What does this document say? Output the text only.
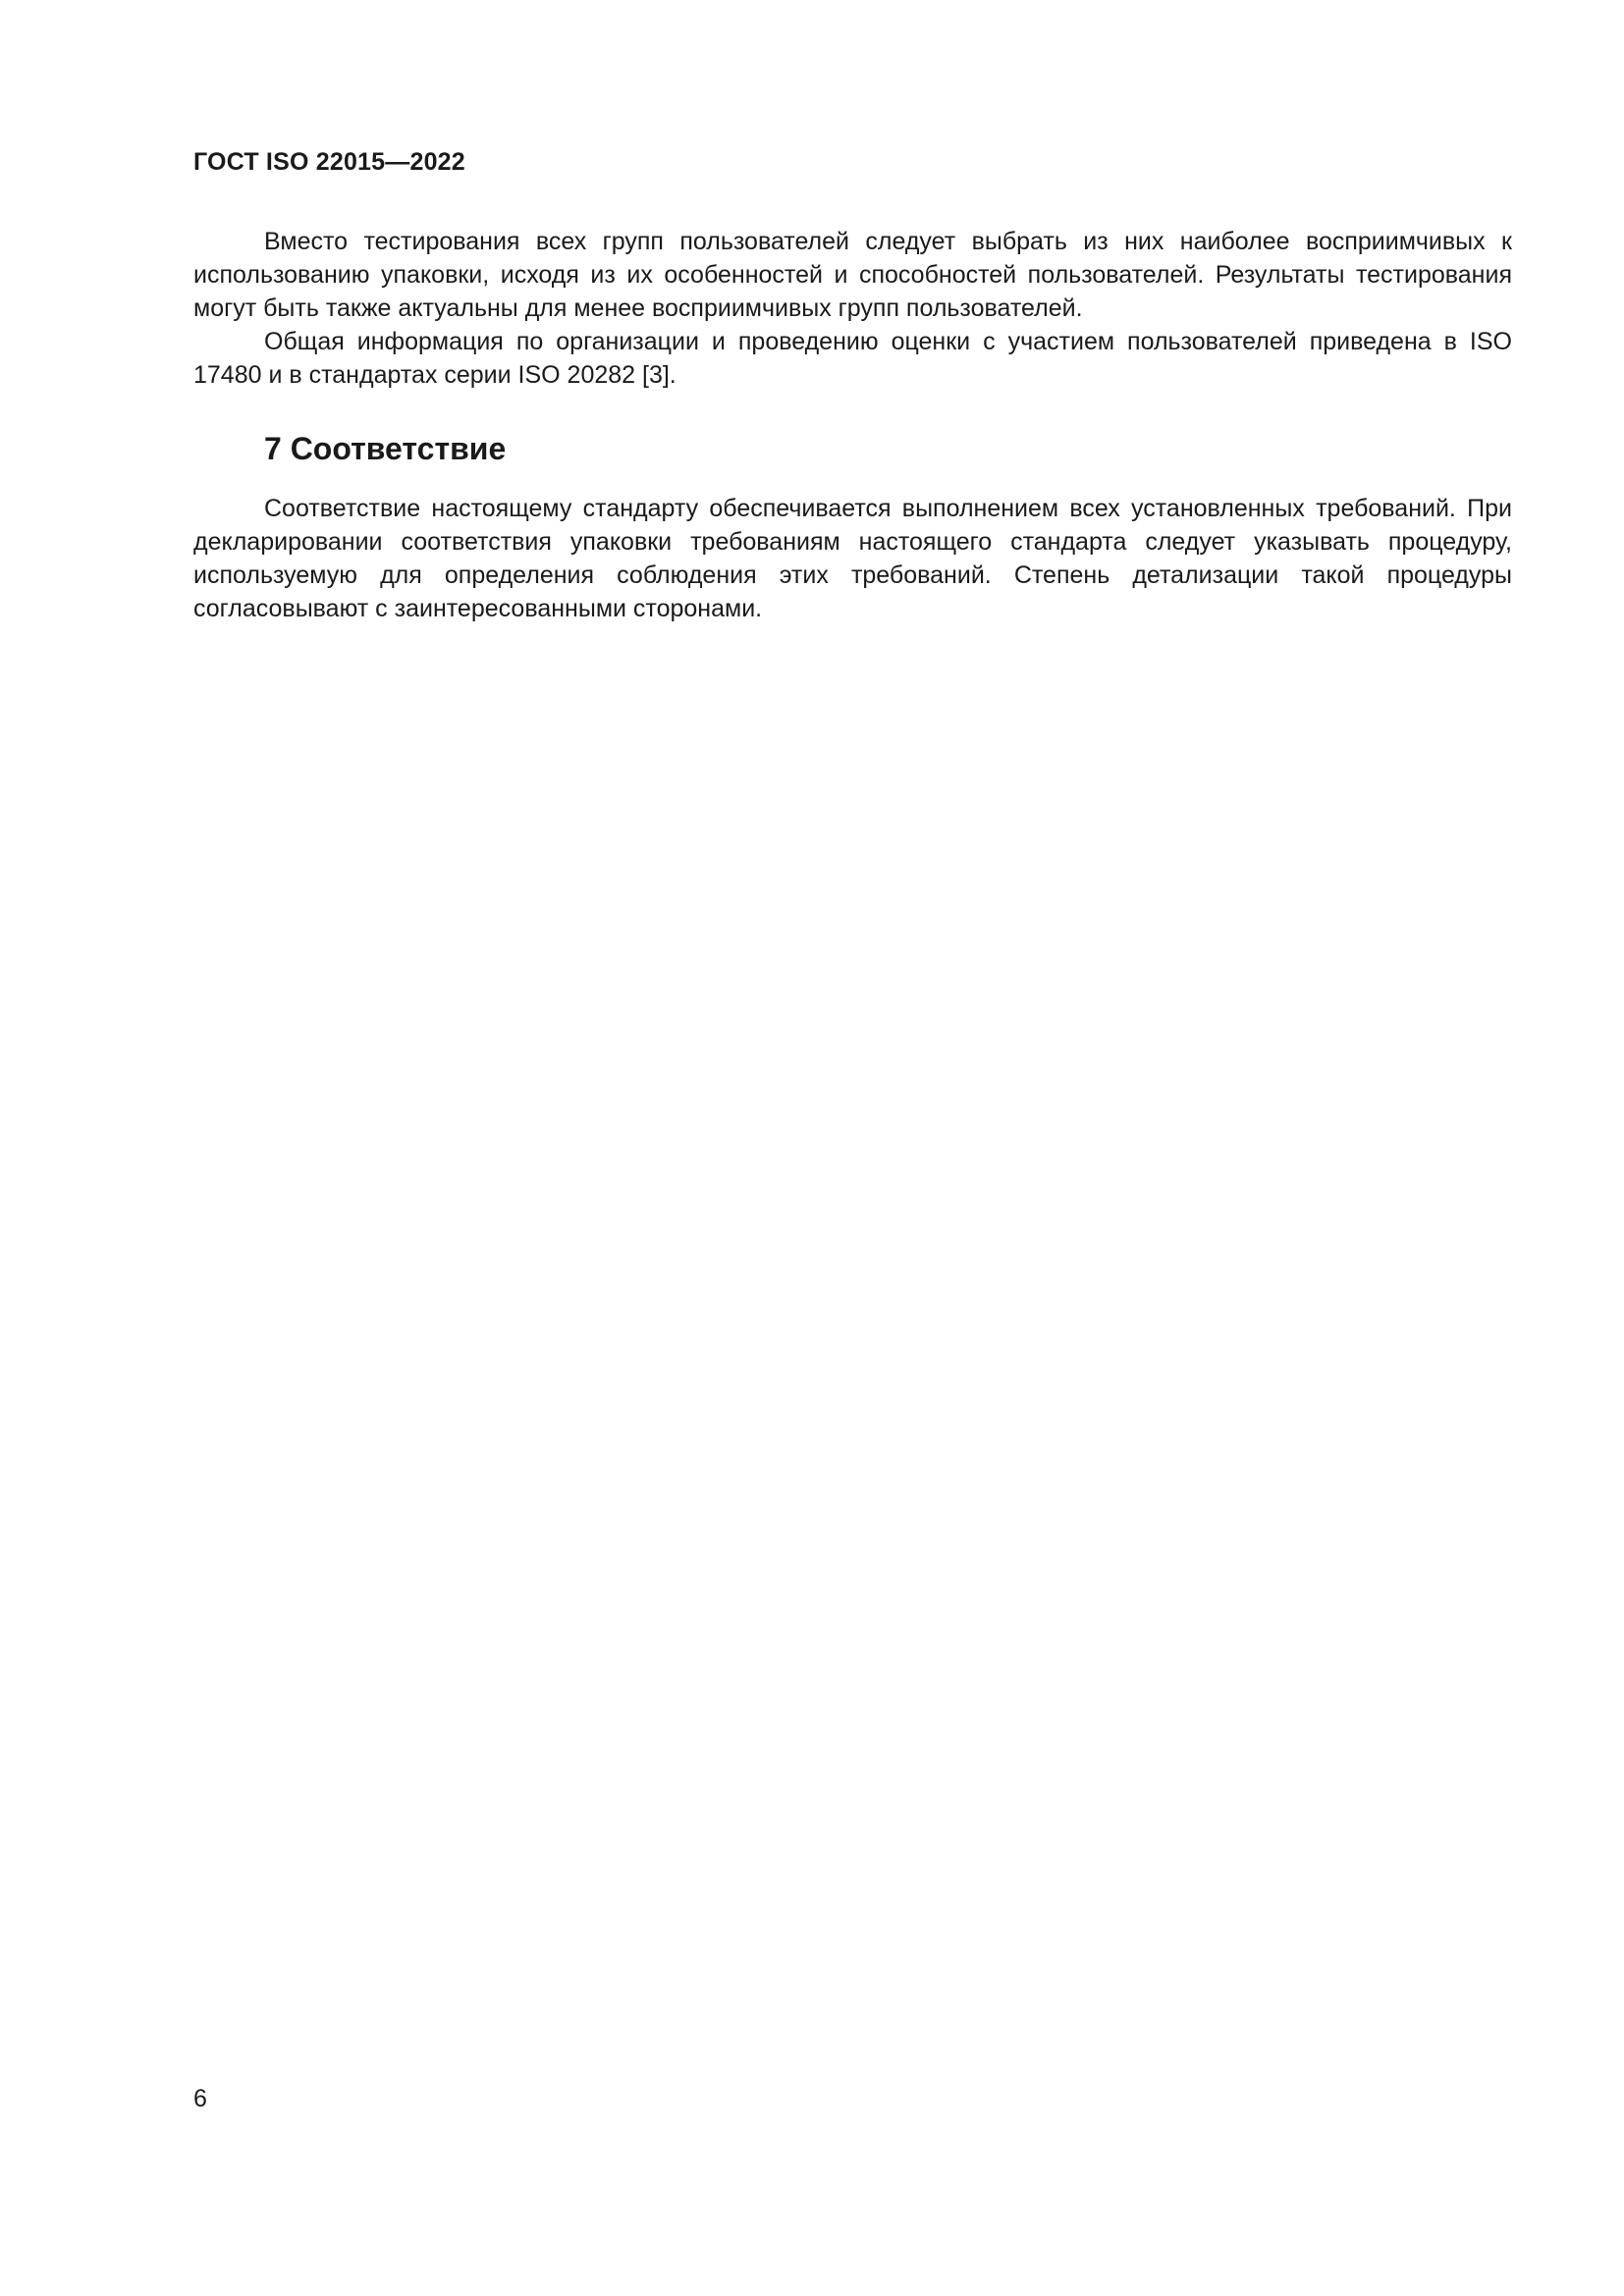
ГОСТ ISO 22015—2022

Вместо тестирования всех групп пользователей следует выбрать из них наиболее восприимчивых к использованию упаковки, исходя из их особенностей и способностей пользователей. Результаты тестирования могут быть также актуальны для менее восприимчивых групп пользователей.

Общая информация по организации и проведению оценки с участием пользователей приведена в ISO 17480 и в стандартах серии ISO 20282 [3].

7 Соответствие

Соответствие настоящему стандарту обеспечивается выполнением всех установленных требований. При декларировании соответствия упаковки требованиям настоящего стандарта следует указывать процедуру, используемую для определения соблюдения этих требований. Степень детализации такой процедуры согласовывают с заинтересованными сторонами.

6
